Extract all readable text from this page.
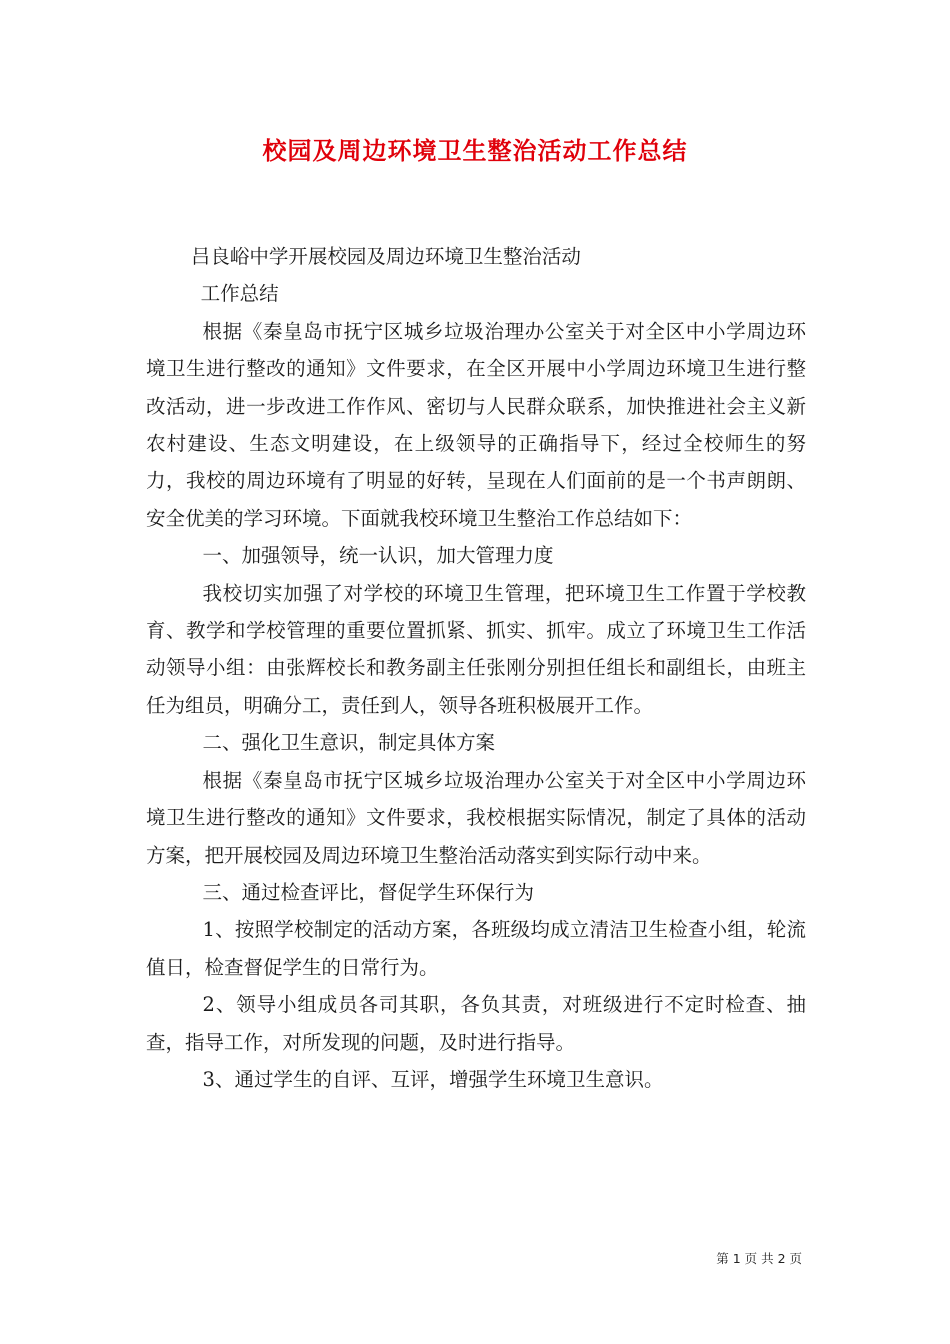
校园及周边环境卫生整治活动工作总结

吕良峪中学开展校园及周边环境卫生整治活动

工作总结

根据《秦皇岛市抚宁区城乡垃圾治理办公室关于对全区中小学周边环境卫生进行整改的通知》文件要求，在全区开展中小学周边环境卫生进行整改活动，进一步改进工作作风、密切与人民群众联系，加快推进社会主义新农村建设、生态文明建设，在上级领导的正确指导下，经过全校师生的努力，我校的周边环境有了明显的好转，呈现在人们面前的是一个书声朗朗、安全优美的学习环境。下面就我校环境卫生整治工作总结如下：

一、加强领导，统一认识，加大管理力度

我校切实加强了对学校的环境卫生管理，把环境卫生工作置于学校教育、教学和学校管理的重要位置抓紧、抓实、抓牢。成立了环境卫生工作活动领导小组：由张辉校长和教务副主任张刚分别担任组长和副组长，由班主任为组员，明确分工，责任到人，领导各班积极展开工作。

二、强化卫生意识，制定具体方案

根据《秦皇岛市抚宁区城乡垃圾治理办公室关于对全区中小学周边环境卫生进行整改的通知》文件要求，我校根据实际情况，制定了具体的活动方案，把开展校园及周边环境卫生整治活动落实到实际行动中来。

三、通过检查评比，督促学生环保行为

1、按照学校制定的活动方案，各班级均成立清洁卫生检查小组，轮流值日，检查督促学生的日常行为。

2、领导小组成员各司其职，各负其责，对班级进行不定时检查、抽查，指导工作，对所发现的问题，及时进行指导。

3、通过学生的自评、互评，增强学生环境卫生意识。

第 1 页 共 2 页
